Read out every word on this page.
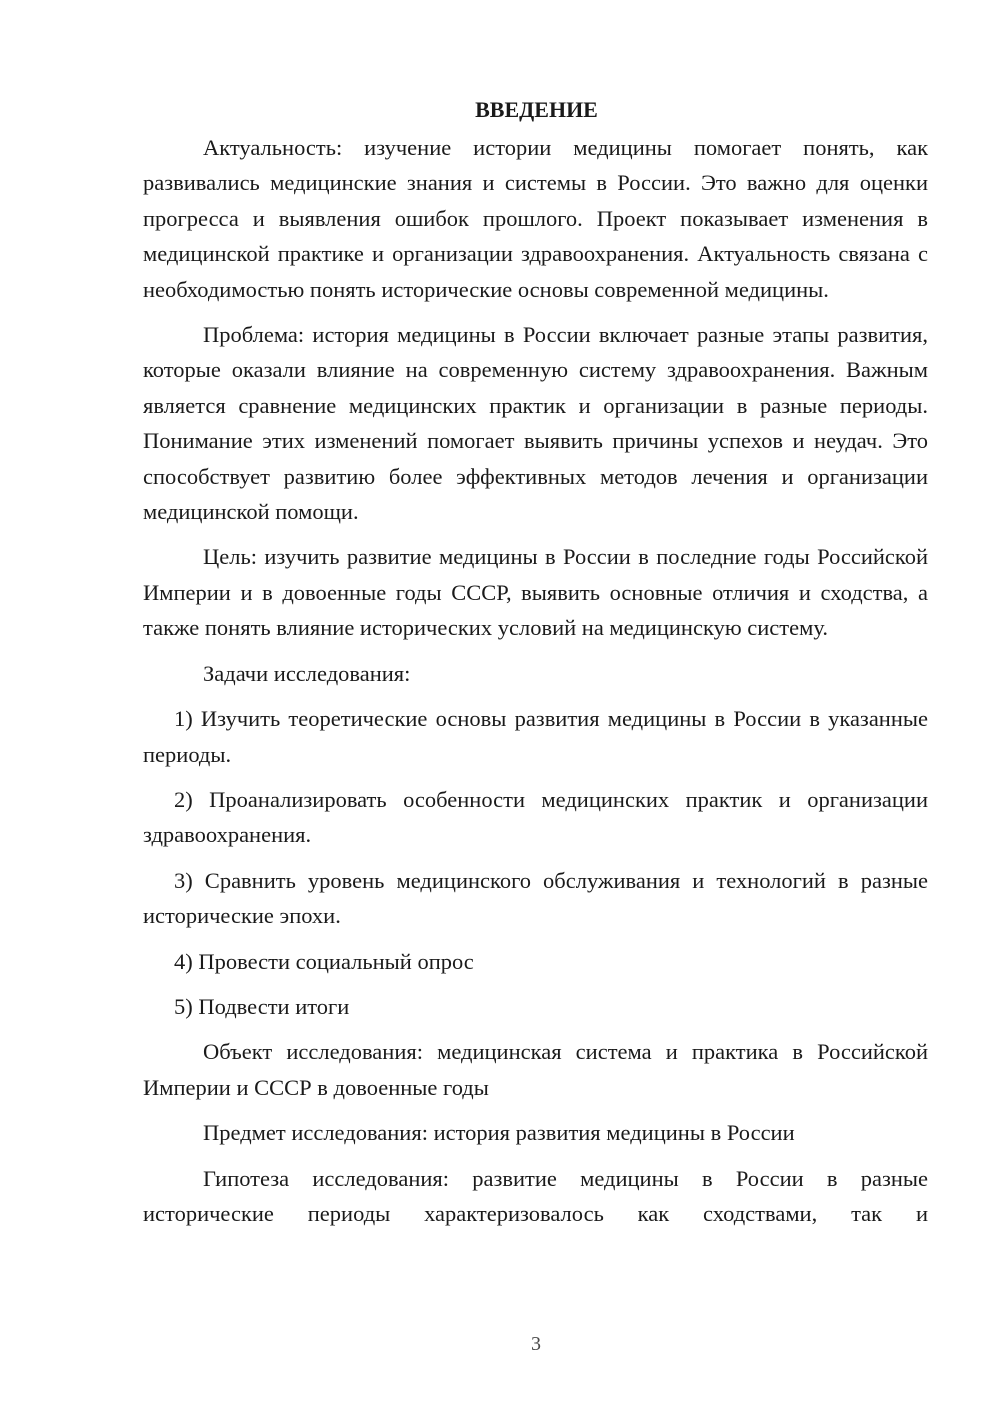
ВВЕДЕНИЕ

Актуальность: изучение истории медицины помогает понять, как развивались медицинские знания и системы в России. Это важно для оценки прогресса и выявления ошибок прошлого. Проект показывает изменения в медицинской практике и организации здравоохранения. Актуальность связана с необходимостью понять исторические основы современной медицины.

Проблема: история медицины в России включает разные этапы развития, которые оказали влияние на современную систему здравоохранения. Важным является сравнение медицинских практик и организации в разные периоды. Понимание этих изменений помогает выявить причины успехов и неудач. Это способствует развитию более эффективных методов лечения и организации медицинской помощи.

Цель: изучить развитие медицины в России в последние годы Российской Империи и в довоенные годы СССР, выявить основные отличия и сходства, а также понять влияние исторических условий на медицинскую систему.

Задачи исследования:

1) Изучить теоретические основы развития медицины в России в указанные периоды.

2) Проанализировать особенности медицинских практик и организации здравоохранения.

3) Сравнить уровень медицинского обслуживания и технологий в разные исторические эпохи.

4) Провести социальный опрос

5) Подвести итоги

Объект исследования: медицинская система и практика в Российской Империи и СССР в довоенные годы

Предмет исследования: история развития медицины в России

Гипотеза исследования: развитие медицины в России в разные исторические периоды характеризовалось как сходствами, так и

3
